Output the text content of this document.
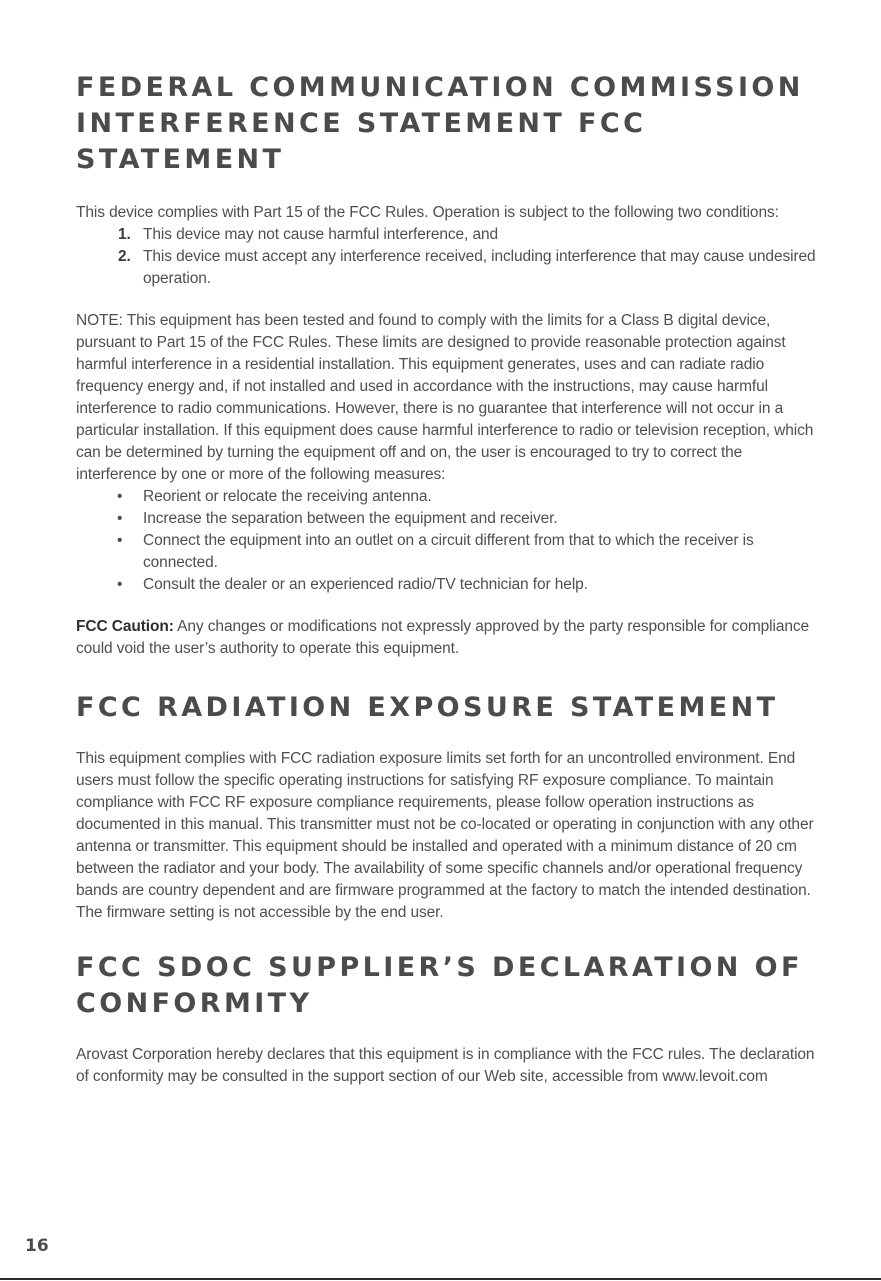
FEDERAL COMMUNICATION COMMISSION INTERFERENCE STATEMENT FCC STATEMENT

This device complies with Part 15 of the FCC Rules. Operation is subject to the following two conditions:

1. This device may not cause harmful interference, and
2. This device must accept any interference received, including interference that may cause undesired operation.

NOTE: This equipment has been tested and found to comply with the limits for a Class B digital device, pursuant to Part 15 of the FCC Rules. These limits are designed to provide reasonable protection against harmful interference in a residential installation. This equipment generates, uses and can radiate radio frequency energy and, if not installed and used in accordance with the instructions, may cause harmful interference to radio communications. However, there is no guarantee that interference will not occur in a particular installation. If this equipment does cause harmful interference to radio or television reception, which can be determined by turning the equipment off and on, the user is encouraged to try to correct the interference by one or more of the following measures:

• Reorient or relocate the receiving antenna.
• Increase the separation between the equipment and receiver.
• Connect the equipment into an outlet on a circuit different from that to which the receiver is connected.
• Consult the dealer or an experienced radio/TV technician for help.

FCC Caution: Any changes or modifications not expressly approved by the party responsible for compliance could void the user’s authority to operate this equipment.

FCC RADIATION EXPOSURE STATEMENT

This equipment complies with FCC radiation exposure limits set forth for an uncontrolled environment. End users must follow the specific operating instructions for satisfying RF exposure compliance. To maintain compliance with FCC RF exposure compliance requirements, please follow operation instructions as documented in this manual. This transmitter must not be co-located or operating in conjunction with any other antenna or transmitter. This equipment should be installed and operated with a minimum distance of 20 cm between the radiator and your body. The availability of some specific channels and/or operational frequency bands are country dependent and are firmware programmed at the factory to match the intended destination. The firmware setting is not accessible by the end user.

FCC SDOC SUPPLIER’S DECLARATION OF CONFORMITY

Arovast Corporation hereby declares that this equipment is in compliance with the FCC rules. The declaration of conformity may be consulted in the support section of our Web site, accessible from www.levoit.com

16
